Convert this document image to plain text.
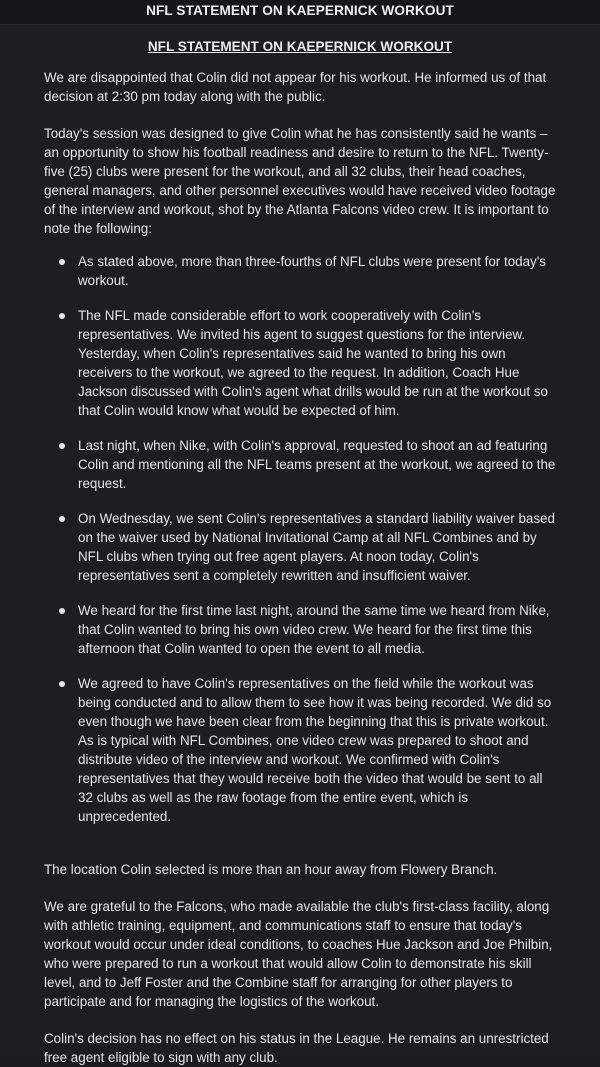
NFL STATEMENT ON KAEPERNICK WORKOUT
NFL STATEMENT ON KAEPERNICK WORKOUT

We are disappointed that Colin did not appear for his workout. He informed us of that decision at 2:30 pm today along with the public.

Today's session was designed to give Colin what he has consistently said he wants – an opportunity to show his football readiness and desire to return to the NFL. Twenty-five (25) clubs were present for the workout, and all 32 clubs, their head coaches, general managers, and other personnel executives would have received video footage of the interview and workout, shot by the Atlanta Falcons video crew. It is important to note the following:

As stated above, more than three-fourths of NFL clubs were present for today's workout.
The NFL made considerable effort to work cooperatively with Colin's representatives. We invited his agent to suggest questions for the interview. Yesterday, when Colin's representatives said he wanted to bring his own receivers to the workout, we agreed to the request. In addition, Coach Hue Jackson discussed with Colin's agent what drills would be run at the workout so that Colin would know what would be expected of him.
Last night, when Nike, with Colin's approval, requested to shoot an ad featuring Colin and mentioning all the NFL teams present at the workout, we agreed to the request.
On Wednesday, we sent Colin's representatives a standard liability waiver based on the waiver used by National Invitational Camp at all NFL Combines and by NFL clubs when trying out free agent players. At noon today, Colin's representatives sent a completely rewritten and insufficient waiver.
We heard for the first time last night, around the same time we heard from Nike, that Colin wanted to bring his own video crew. We heard for the first time this afternoon that Colin wanted to open the event to all media.
We agreed to have Colin's representatives on the field while the workout was being conducted and to allow them to see how it was being recorded. We did so even though we have been clear from the beginning that this is private workout. As is typical with NFL Combines, one video crew was prepared to shoot and distribute video of the interview and workout. We confirmed with Colin's representatives that they would receive both the video that would be sent to all 32 clubs as well as the raw footage from the entire event, which is unprecedented.

The location Colin selected is more than an hour away from Flowery Branch.

We are grateful to the Falcons, who made available the club's first-class facility, along with athletic training, equipment, and communications staff to ensure that today's workout would occur under ideal conditions, to coaches Hue Jackson and Joe Philbin, who were prepared to run a workout that would allow Colin to demonstrate his skill level, and to Jeff Foster and the Combine staff for arranging for other players to participate and for managing the logistics of the workout.

Colin's decision has no effect on his status in the League. He remains an unrestricted free agent eligible to sign with any club.
